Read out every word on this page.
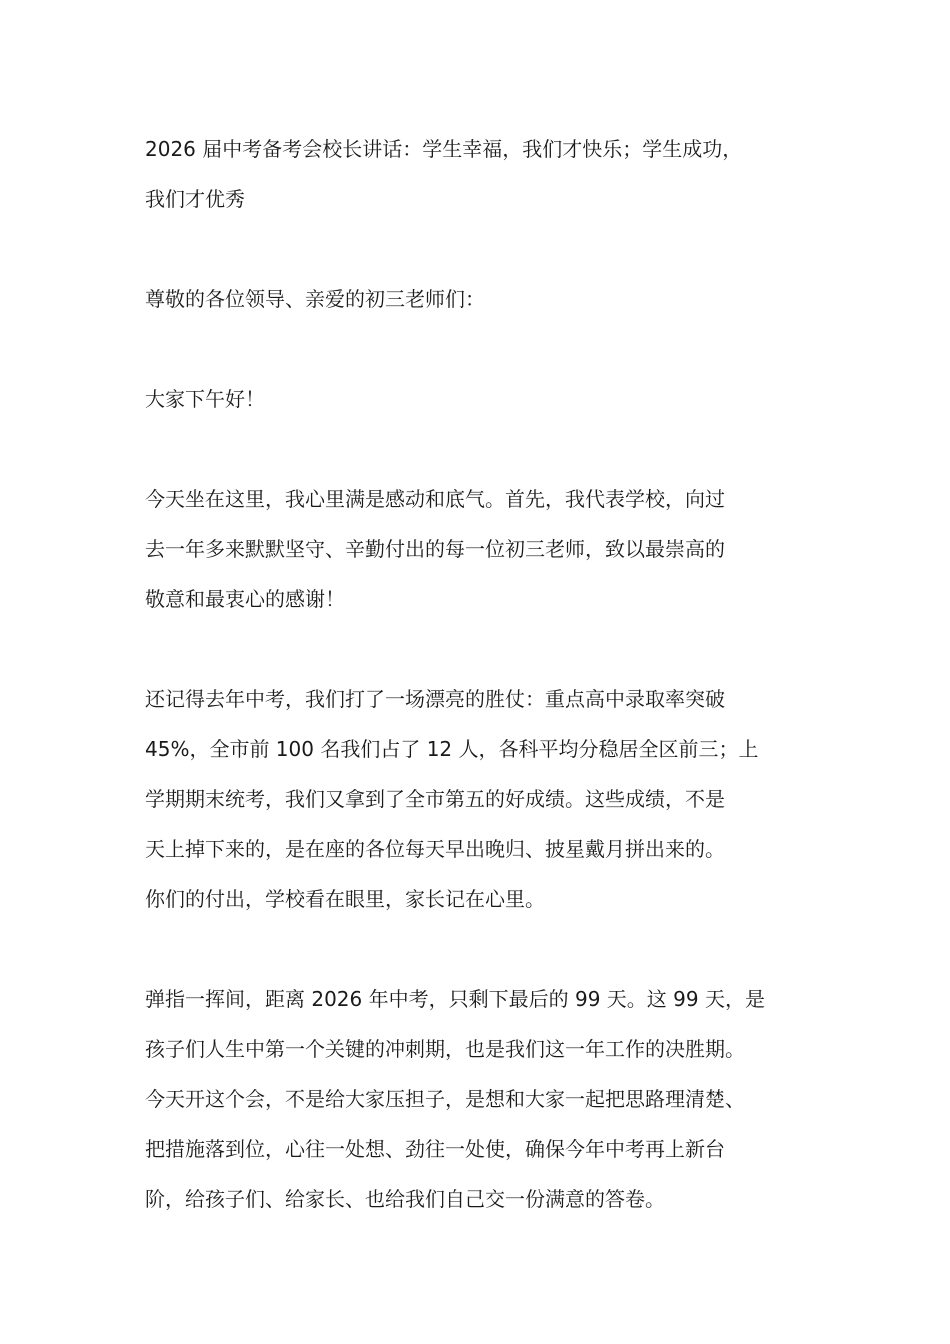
2026 届中考备考会校长讲话：学生幸福，我们才快乐；学生成功，
我们才优秀
尊敬的各位领导、亲爱的初三老师们：
大家下午好！
今天坐在这里，我心里满是感动和底气。首先，我代表学校，向过
去一年多来默默坚守、辛勤付出的每一位初三老师，致以最崇高的
敬意和最衷心的感谢！
还记得去年中考，我们打了一场漂亮的胜仗：重点高中录取率突破
45%，全市前 100 名我们占了 12 人，各科平均分稳居全区前三；上
学期期末统考，我们又拿到了全市第五的好成绩。这些成绩，不是
天上掉下来的，是在座的各位每天早出晚归、披星戴月拼出来的。
你们的付出，学校看在眼里，家长记在心里。
弹指一挥间，距离 2026 年中考，只剩下最后的 99 天。这 99 天，是
孩子们人生中第一个关键的冲刺期，也是我们这一年工作的决胜期。
今天开这个会，不是给大家压担子，是想和大家一起把思路理清楚、
把措施落到位，心往一处想、劲往一处使，确保今年中考再上新台
阶，给孩子们、给家长、也给我们自己交一份满意的答卷。
